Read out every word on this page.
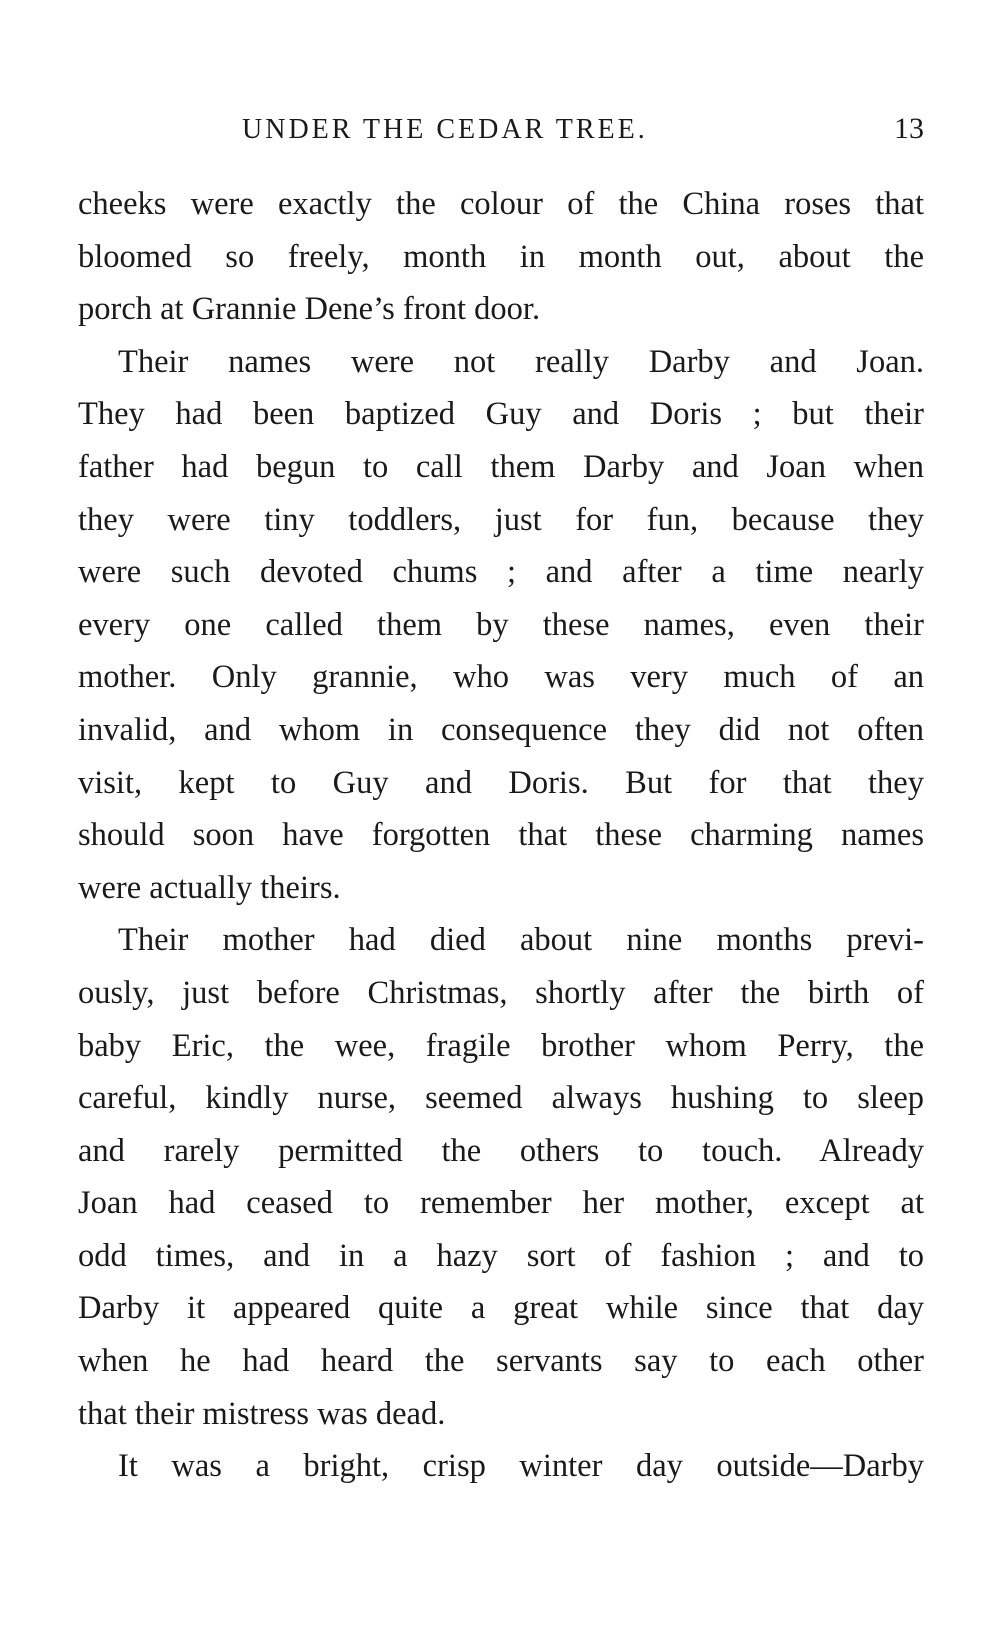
UNDER THE CEDAR TREE.	13
cheeks were exactly the colour of the China roses that
bloomed so freely, month in month out, about the
porch at Grannie Dene’s front door.
Their names were not really Darby and Joan.
They had been baptized Guy and Doris ; but their
father had begun to call them Darby and Joan when
they were tiny toddlers, just for fun, because they
were such devoted chums ; and after a time nearly
every one called them by these names, even their
mother. Only grannie, who was very much of an
invalid, and whom in consequence they did not often
visit, kept to Guy and Doris. But for that they
should soon have forgotten that these charming names
were actually theirs.
Their mother had died about nine months previ-
ously, just before Christmas, shortly after the birth of
baby Eric, the wee, fragile brother whom Perry, the
careful, kindly nurse, seemed always hushing to sleep
and rarely permitted the others to touch. Already
Joan had ceased to remember her mother, except at
odd times, and in a hazy sort of fashion ; and to
Darby it appeared quite a great while since that day
when he had heard the servants say to each other
that their mistress was dead.
It was a bright, crisp winter day outside—Darby
